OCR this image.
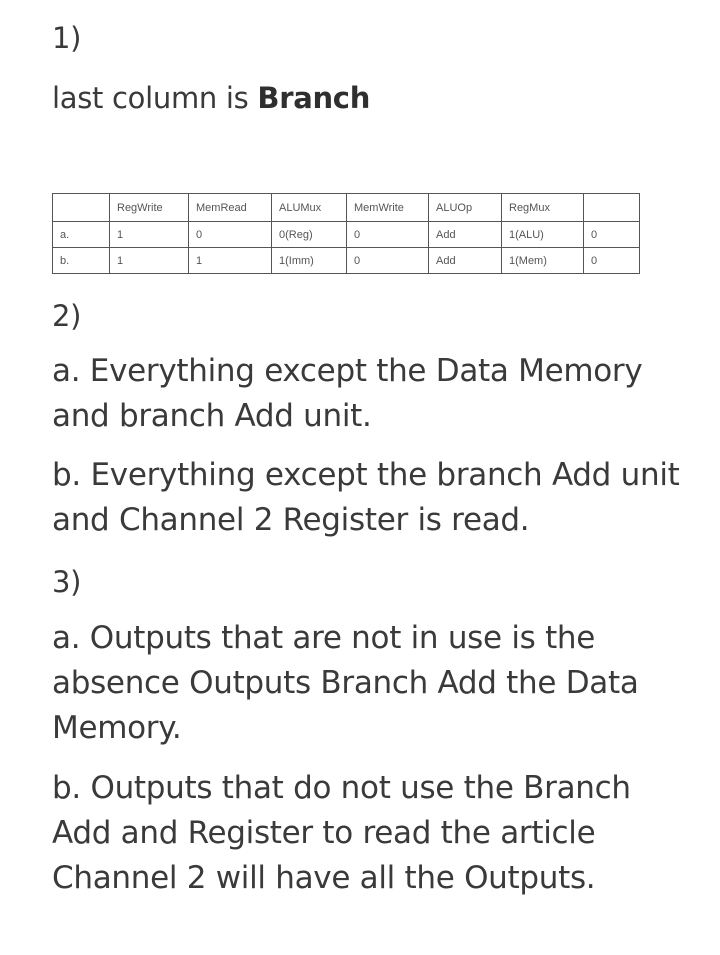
1)
last column is Branch
	RegWrite	MemRead	ALUMux	MemWrite	ALUOp	RegMux	
a.	1	0	0(Reg)	0	Add	1(ALU)	0
b.	1	1	1(Imm)	0	Add	1(Mem)	0
2)

a. Everything except the Data Memory and branch Add unit.

b. Everything except the branch Add unit and Channel 2 Register is read.

3)

a. Outputs that are not in use is the absence Outputs Branch Add the Data Memory.

b. Outputs that do not use the Branch Add and Register to read the article Channel 2 will have all the Outputs.
